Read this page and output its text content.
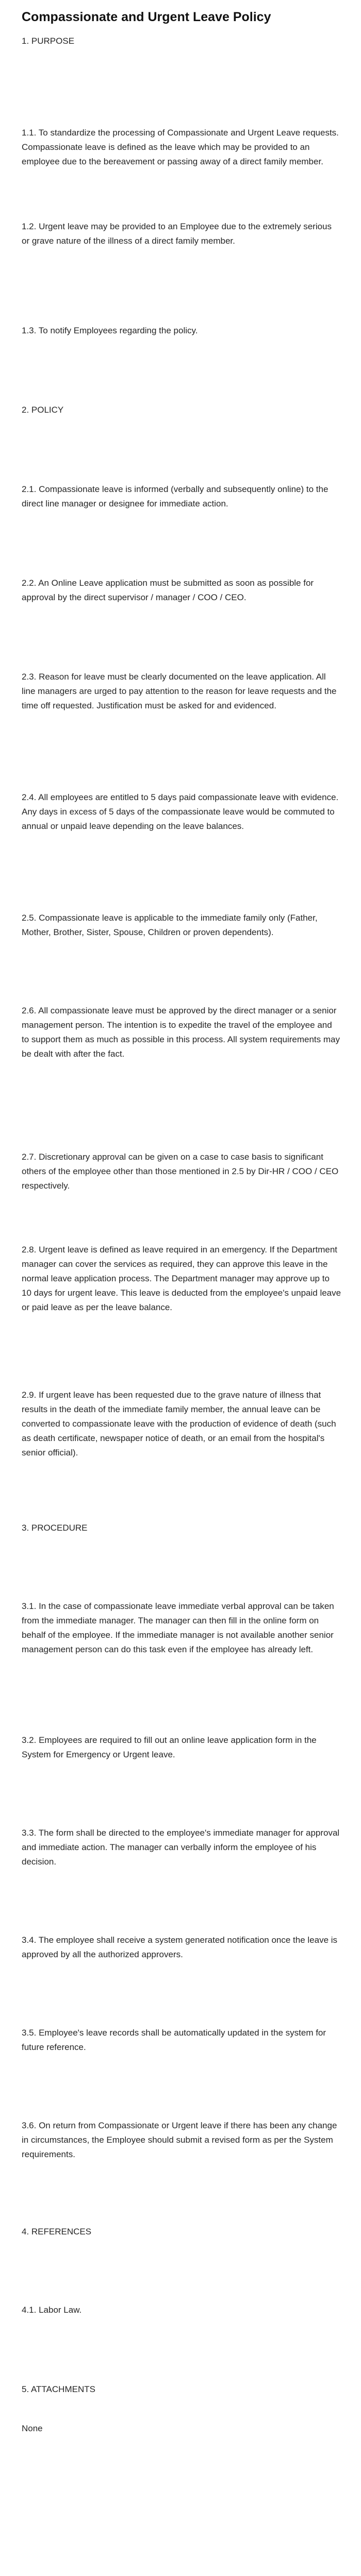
Compassionate and Urgent Leave Policy

1. PURPOSE

1.1. To standardize the processing of Compassionate and Urgent Leave requests. Compassionate leave is defined as the leave which may be provided to an employee due to the bereavement or passing away of a direct family member.

1.2. Urgent leave may be provided to an Employee due to the extremely serious or grave nature of the illness of a direct family member.

1.3. To notify Employees regarding the policy.

2. POLICY

2.1. Compassionate leave is informed (verbally and subsequently online) to the direct line manager or designee for immediate action.

2.2. An Online Leave application must be submitted as soon as possible for approval by the direct supervisor / manager / COO / CEO.

2.3. Reason for leave must be clearly documented on the leave application. All line managers are urged to pay attention to the reason for leave requests and the time off requested. Justification must be asked for and evidenced.

2.4. All employees are entitled to 5 days paid compassionate leave with evidence. Any days in excess of 5 days of the compassionate leave would be commuted to annual or unpaid leave depending on the leave balances.

2.5. Compassionate leave is applicable to the immediate family only (Father, Mother, Brother, Sister, Spouse, Children or proven dependents).

2.6. All compassionate leave must be approved by the direct manager or a senior management person. The intention is to expedite the travel of the employee and to support them as much as possible in this process. All system requirements may be dealt with after the fact.

2.7. Discretionary approval can be given on a case to case basis to significant others of the employee other than those mentioned in 2.5 by Dir-HR / COO / CEO respectively.

2.8. Urgent leave is defined as leave required in an emergency. If the Department manager can cover the services as required, they can approve this leave in the normal leave application process. The Department manager may approve up to 10 days for urgent leave. This leave is deducted from the employee's unpaid leave or paid leave as per the leave balance.

2.9. If urgent leave has been requested due to the grave nature of illness that results in the death of the immediate family member, the annual leave can be converted to compassionate leave with the production of evidence of death (such as death certificate, newspaper notice of death, or an email from the hospital's senior official).

3. PROCEDURE

3.1. In the case of compassionate leave immediate verbal approval can be taken from the immediate manager. The manager can then fill in the online form on behalf of the employee. If the immediate manager is not available another senior management person can do this task even if the employee has already left.

3.2. Employees are required to fill out an online leave application form in the System for Emergency or Urgent leave.

3.3. The form shall be directed to the employee's immediate manager for approval and immediate action. The manager can verbally inform the employee of his decision.

3.4. The employee shall receive a system generated notification once the leave is approved by all the authorized approvers.

3.5. Employee's leave records shall be automatically updated in the system for future reference.

3.6. On return from Compassionate or Urgent leave if there has been any change in circumstances, the Employee should submit a revised form as per the System requirements.

4. REFERENCES

4.1. Labor Law.

5. ATTACHMENTS

None
